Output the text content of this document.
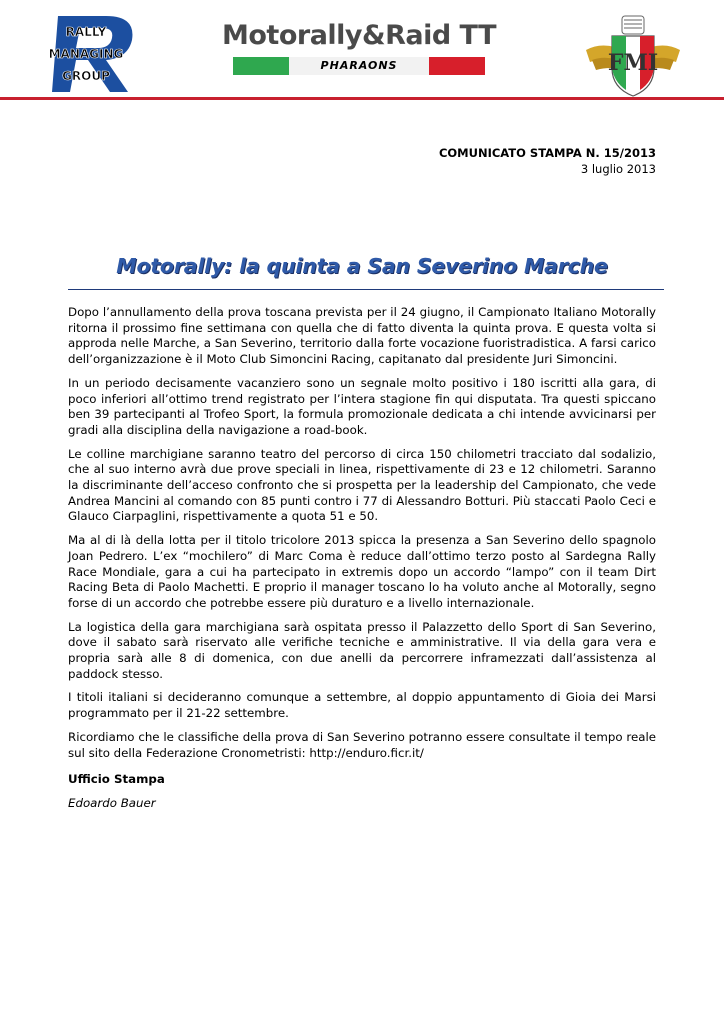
RALLY
MANAGING
GROUP
Motorally&Raid TT
PHARAONS	FMI
COMUNICATO STAMPA N. 15/2013
3 luglio 2013
Motorally: la quinta a San Severino Marche

Dopo l’annullamento della prova toscana prevista per il 24 giugno, il Campionato Italiano Motorally ritorna il prossimo fine settimana con quella che di fatto diventa la quinta prova. E questa volta si approda nelle Marche, a San Severino, territorio dalla forte vocazione fuoristradistica. A farsi carico dell’organizzazione è il Moto Club Simoncini Racing, capitanato dal presidente Juri Simoncini.

In un periodo decisamente vacanziero sono un segnale molto positivo i 180 iscritti alla gara, di poco inferiori all’ottimo trend registrato per l’intera stagione fin qui disputata. Tra questi spiccano ben 39 partecipanti al Trofeo Sport, la formula promozionale dedicata a chi intende avvicinarsi per gradi alla disciplina della navigazione a road-book.

Le colline marchigiane saranno teatro del percorso di circa 150 chilometri tracciato dal sodalizio, che al suo interno avrà due prove speciali in linea, rispettivamente di 23 e 12 chilometri. Saranno la discriminante dell’acceso confronto che si prospetta per la leadership del Campionato, che vede Andrea Mancini al comando con 85 punti contro i 77 di Alessandro Botturi. Più staccati Paolo Ceci e Glauco Ciarpaglini, rispettivamente a quota 51 e 50.

Ma al di là della lotta per il titolo tricolore 2013 spicca la presenza a San Severino dello spagnolo Joan Pedrero. L’ex “mochilero” di Marc Coma è reduce dall’ottimo terzo posto al Sardegna Rally Race Mondiale, gara a cui ha partecipato in extremis dopo un accordo “lampo” con il team Dirt Racing Beta di Paolo Machetti. E proprio il manager toscano lo ha voluto anche al Motorally, segno forse di un accordo che potrebbe essere più duraturo e a livello internazionale.

La logistica della gara marchigiana sarà ospitata presso il Palazzetto dello Sport di San Severino, dove il sabato sarà riservato alle verifiche tecniche e amministrative. Il via della gara vera e propria sarà alle 8 di domenica, con due anelli da percorrere inframezzati dall’assistenza al paddock stesso.

I titoli italiani si decideranno comunque a settembre, al doppio appuntamento di Gioia dei Marsi programmato per il 21-22 settembre.

Ricordiamo che le classifiche della prova di San Severino potranno essere consultate il tempo reale sul sito della Federazione Cronometristi: http://enduro.ficr.it/

Ufficio Stampa
Edoardo Bauer
